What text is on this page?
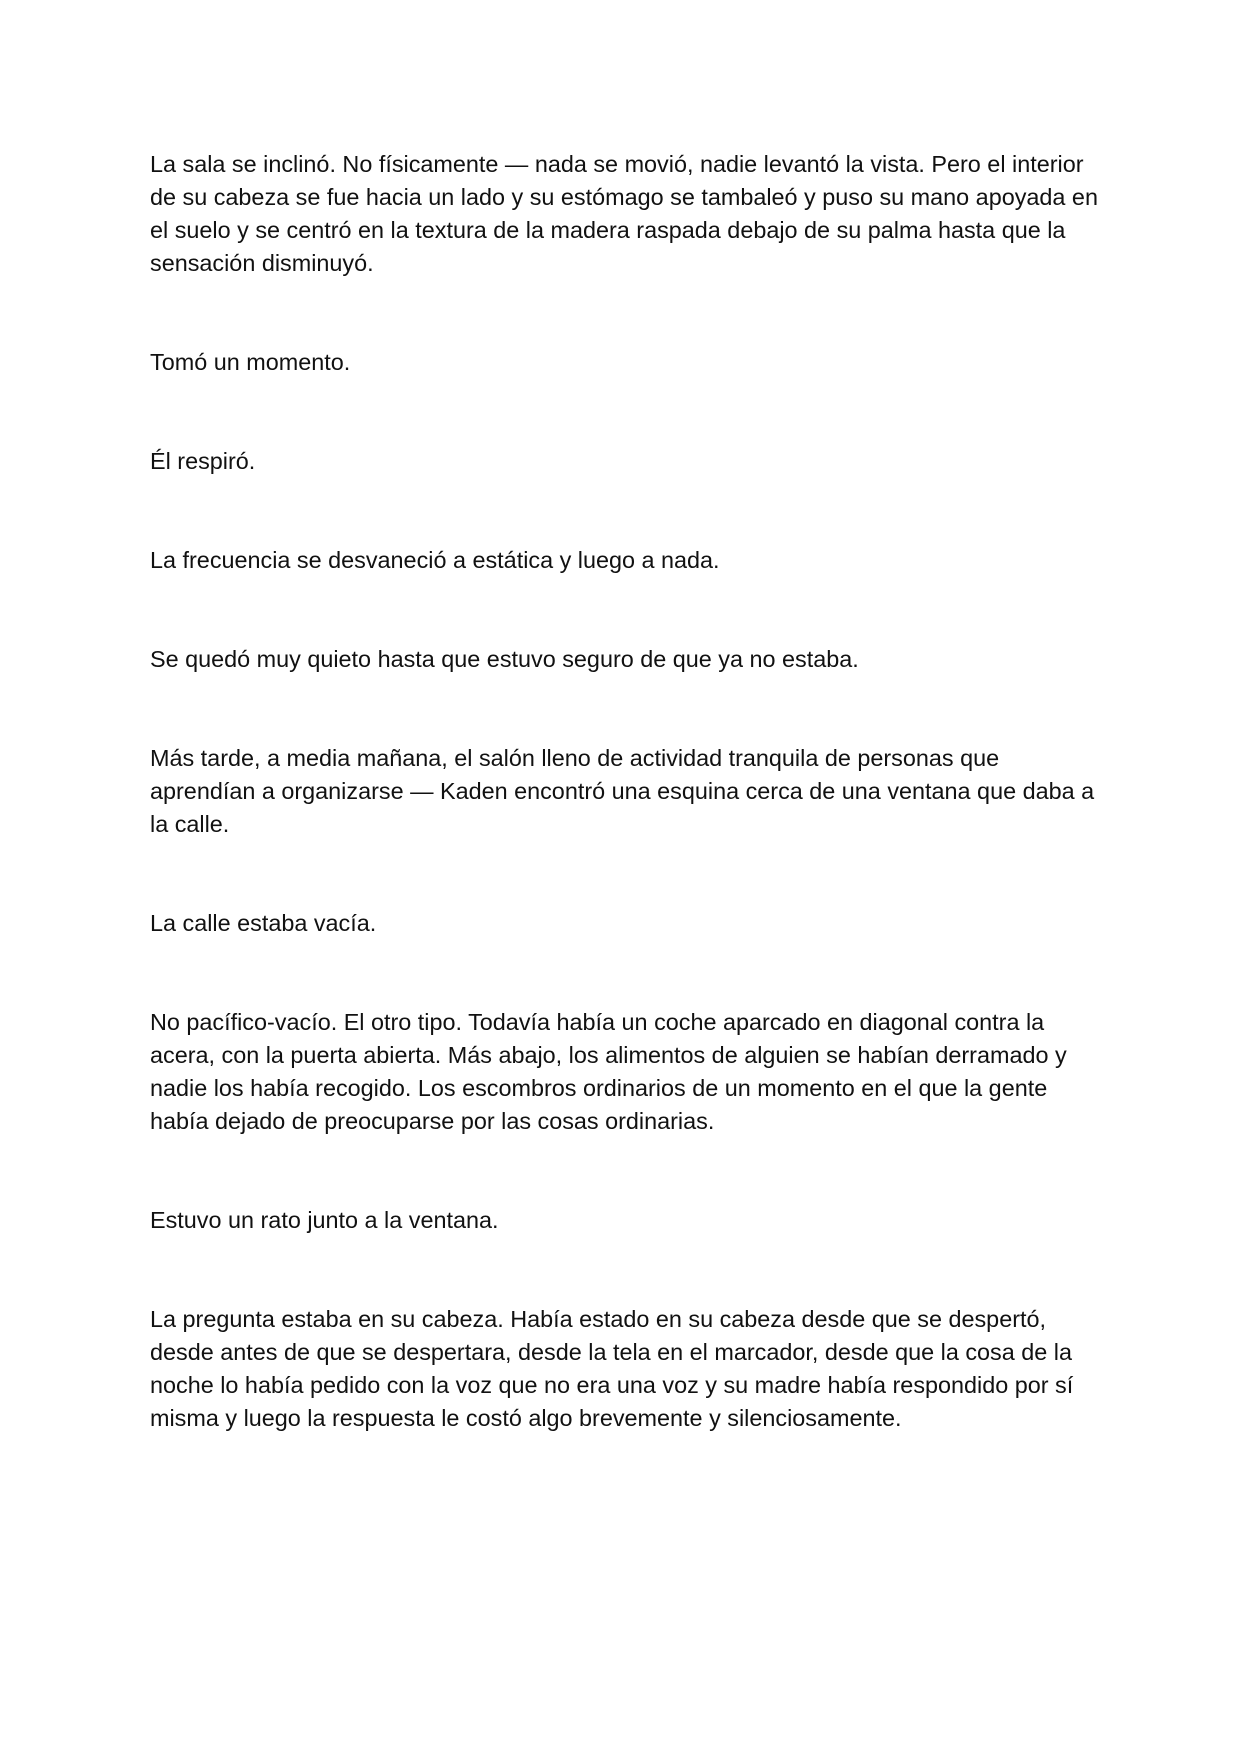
La sala se inclinó. No físicamente — nada se movió, nadie levantó la vista. Pero el interior de su cabeza se fue hacia un lado y su estómago se tambaleó y puso su mano apoyada en el suelo y se centró en la textura de la madera raspada debajo de su palma hasta que la sensación disminuyó.

Tomó un momento.

Él respiró.

La frecuencia se desvaneció a estática y luego a nada.

Se quedó muy quieto hasta que estuvo seguro de que ya no estaba.

Más tarde, a media mañana, el salón lleno de actividad tranquila de personas que aprendían a organizarse — Kaden encontró una esquina cerca de una ventana que daba a la calle.

La calle estaba vacía.

No pacífico-vacío. El otro tipo. Todavía había un coche aparcado en diagonal contra la acera, con la puerta abierta. Más abajo, los alimentos de alguien se habían derramado y nadie los había recogido. Los escombros ordinarios de un momento en el que la gente había dejado de preocuparse por las cosas ordinarias.

Estuvo un rato junto a la ventana.

La pregunta estaba en su cabeza. Había estado en su cabeza desde que se despertó, desde antes de que se despertara, desde la tela en el marcador, desde que la cosa de la noche lo había pedido con la voz que no era una voz y su madre había respondido por sí misma y luego la respuesta le costó algo brevemente y silenciosamente.
